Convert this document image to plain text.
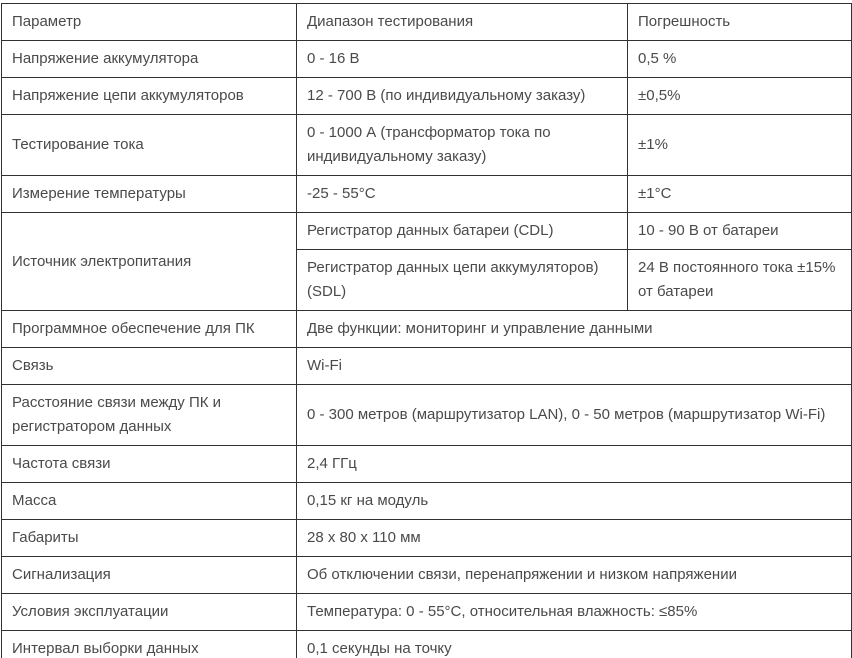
Параметр	Диапазон тестирования	Погрешность
Напряжение аккумулятора	0 - 16 В	0,5 %
Напряжение цепи аккумуляторов	12 - 700 В (по индивидуальному заказу)	±0,5%
Тестирование тока	0 - 1000 А (трансформатор тока по индивидуальному заказу)	±1%
Измерение температуры	-25 - 55°C	±1°C
Источник электропитания	Регистратор данных батареи (CDL)	10 - 90 В от батареи
	Регистратор данных цепи аккумуляторов) (SDL)	24 В постоянного тока ±15% от батареи
Программное обеспечение для ПК	Две функции: мониторинг и управление данными	
Связь	Wi-Fi	
Расстояние связи между ПК и регистратором данных	0 - 300 метров (маршрутизатор LAN), 0 - 50 метров (маршрутизатор Wi-Fi)	
Частота связи	2,4 ГГц	
Масса	0,15 кг на модуль	
Габариты	28 x 80 x 110 мм	
Сигнализация	Об отключении связи, перенапряжении и низком напряжении	
Условия эксплуатации	Температура: 0 - 55°C, относительная влажность: ≤85%	
Интервал выборки данных	0,1 секунды на точку	
